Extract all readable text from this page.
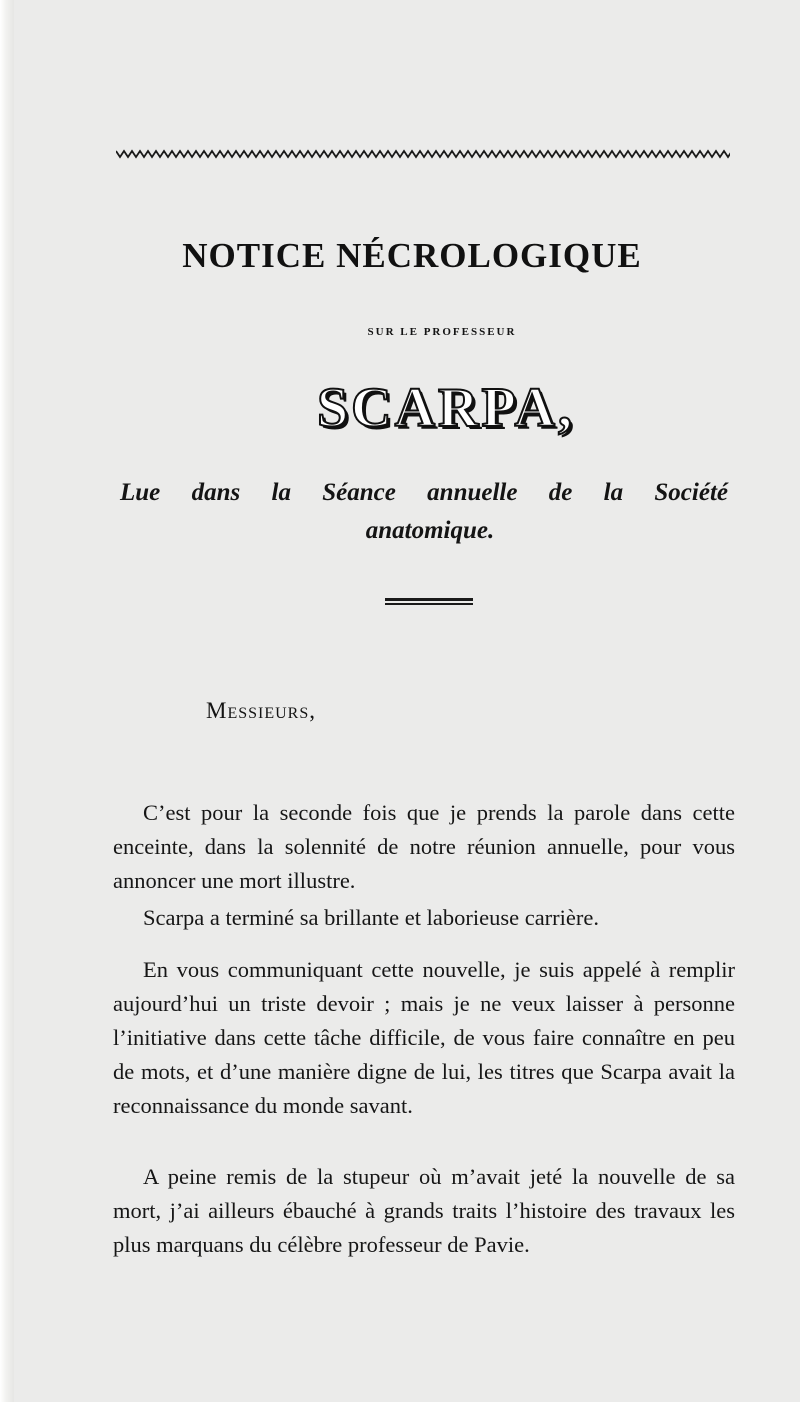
NOTICE NÉCROLOGIQUE
SUR LE PROFESSEUR
SCARPA,
Lue dans la Séance annuelle de la Société
anatomique.
Messieurs,

C’est pour la seconde fois que je prends la parole dans cette enceinte, dans la solennité de notre réunion annuelle, pour vous annoncer une mort illustre.

Scarpa a terminé sa brillante et laborieuse carrière.

En vous communiquant cette nouvelle, je suis appelé à remplir aujourd’hui un triste devoir ; mais je ne veux laisser à personne l’initiative dans cette tâche difficile, de vous faire connaître en peu de mots, et d’une manière digne de lui, les titres que Scarpa avait la reconnaissance du monde savant.

A peine remis de la stupeur où m’avait jeté la nouvelle de sa mort, j’ai ailleurs ébauché à grands traits l’histoire des travaux les plus marquans du célèbre professeur de Pavie.
